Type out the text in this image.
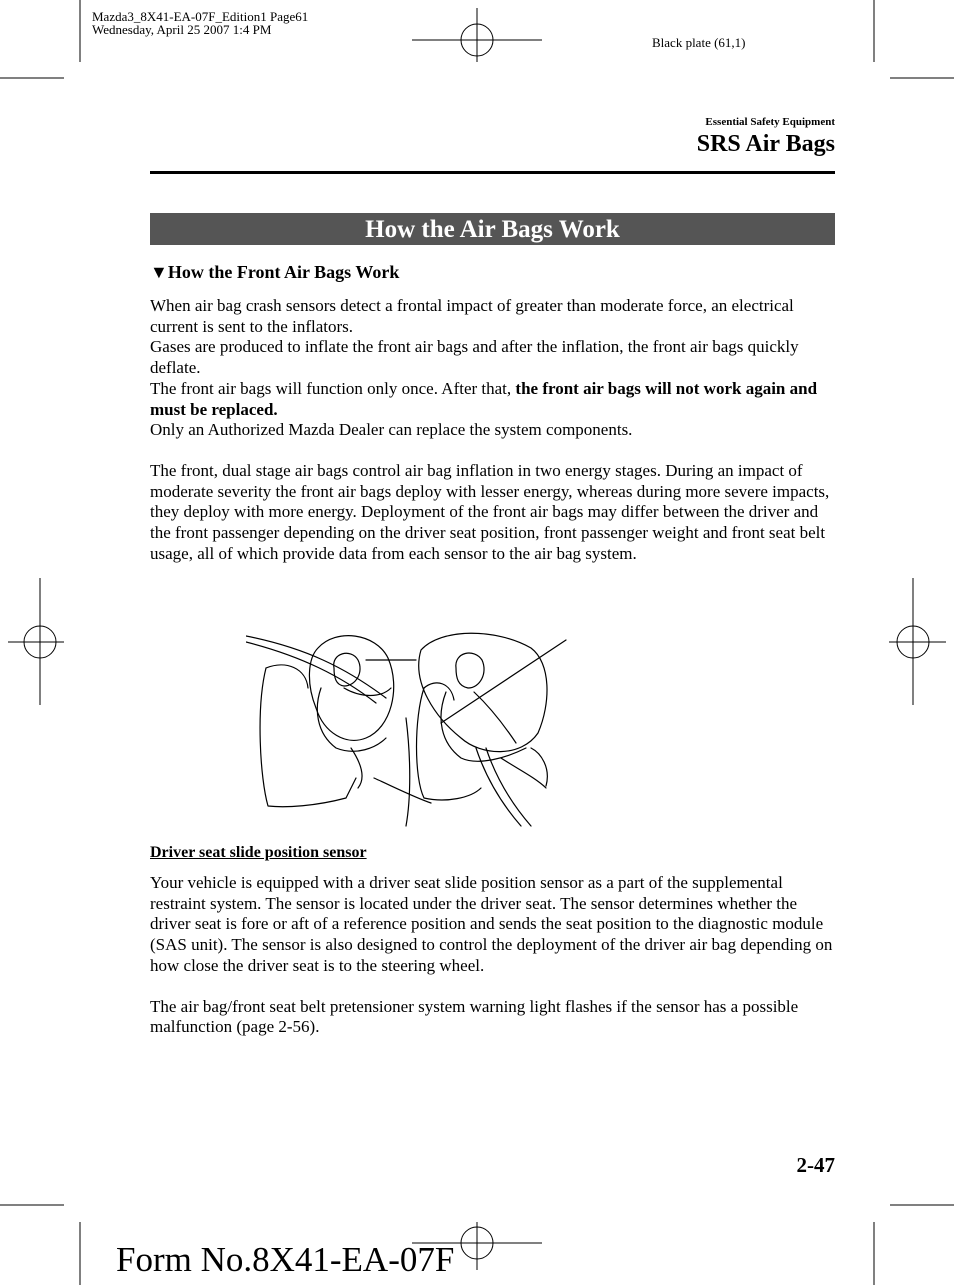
Mazda3_8X41-EA-07F_Edition1 Page61
Wednesday, April 25 2007 1:4 PM
Black plate (61,1)
Essential Safety Equipment
SRS Air Bags
How the Air Bags Work
▼How the Front Air Bags Work

When air bag crash sensors detect a frontal impact of greater than moderate force, an electrical current is sent to the inflators.

Gases are produced to inflate the front air bags and after the inflation, the front air bags quickly deflate.

The front air bags will function only once. After that, the front air bags will not work again and must be replaced.

Only an Authorized Mazda Dealer can replace the system components.

The front, dual stage air bags control air bag inflation in two energy stages. During an impact of moderate severity the front air bags deploy with lesser energy, whereas during more severe impacts, they deploy with more energy. Deployment of the front air bags may differ between the driver and the front passenger depending on the driver seat position, front passenger weight and front seat belt usage, all of which provide data from each sensor to the air bag system.

Driver seat slide position sensor

Your vehicle is equipped with a driver seat slide position sensor as a part of the supplemental restraint system. The sensor is located under the driver seat. The sensor determines whether the driver seat is fore or aft of a reference position and sends the seat position to the diagnostic module (SAS unit). The sensor is also designed to control the deployment of the driver air bag depending on how close the driver seat is to the steering wheel.

The air bag/front seat belt pretensioner system warning light flashes if the sensor has a possible malfunction (page 2-56).

2-47
Form No.8X41-EA-07F
